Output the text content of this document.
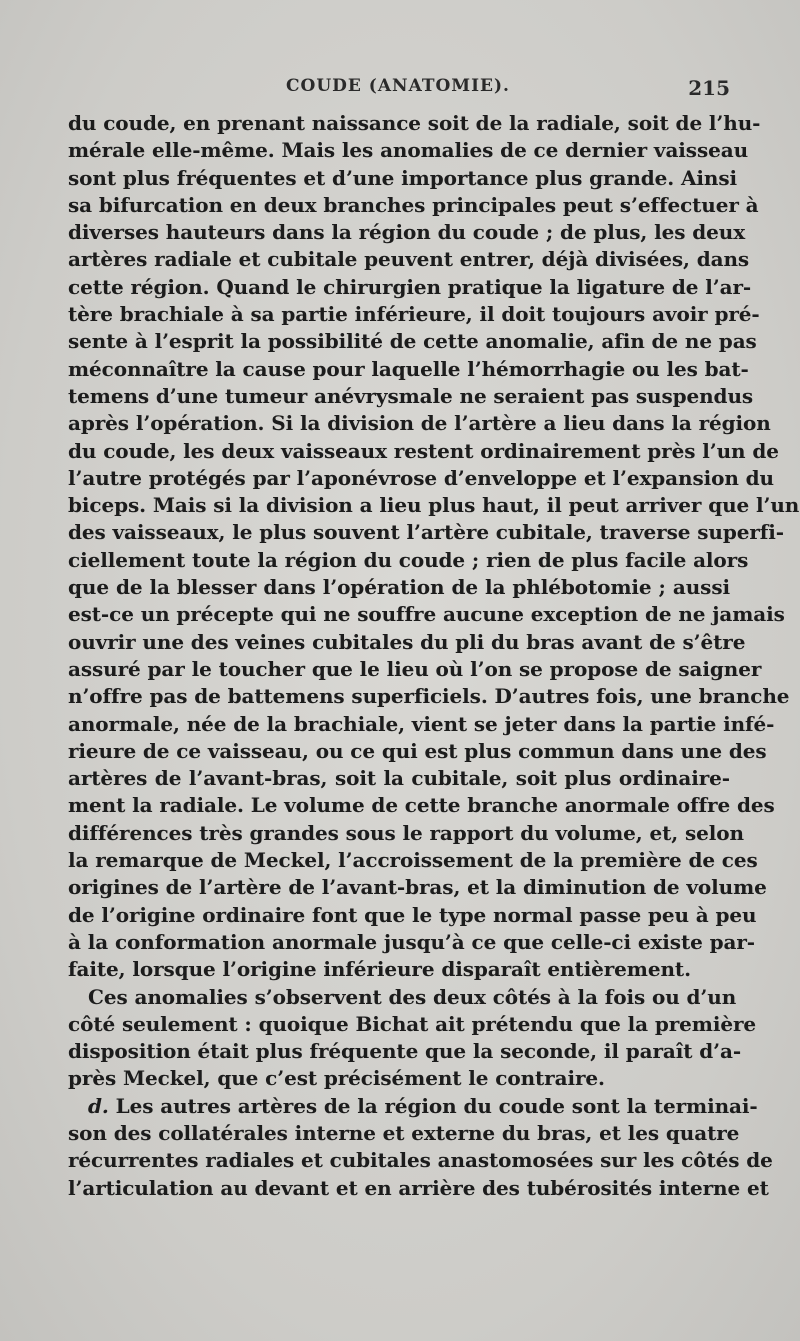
COUDE (ANATOMIE).	215
du coude, en prenant naissance soit de la radiale, soit de l’hu-
mérale elle-même. Mais les anomalies de ce dernier vaisseau
sont plus fréquentes et d’une importance plus grande. Ainsi
sa bifurcation en deux branches principales peut s’effectuer à
diverses hauteurs dans la région du coude ; de plus, les deux
artères radiale et cubitale peuvent entrer, déjà divisées, dans
cette région. Quand le chirurgien pratique la ligature de l’ar-
tère brachiale à sa partie inférieure, il doit toujours avoir pré-
sente à l’esprit la possibilité de cette anomalie, afin de ne pas
méconnaître la cause pour laquelle l’hémorrhagie ou les bat-
temens d’une tumeur anévrysmale ne seraient pas suspendus
après l’opération. Si la division de l’artère a lieu dans la région
du coude, les deux vaisseaux restent ordinairement près l’un de
l’autre protégés par l’aponévrose d’enveloppe et l’expansion du
biceps. Mais si la division a lieu plus haut, il peut arriver que l’un
des vaisseaux, le plus souvent l’artère cubitale, traverse superfi-
ciellement toute la région du coude ; rien de plus facile alors
que de la blesser dans l’opération de la phlébotomie ; aussi
est-ce un précepte qui ne souffre aucune exception de ne jamais
ouvrir une des veines cubitales du pli du bras avant de s’être
assuré par le toucher que le lieu où l’on se propose de saigner
n’offre pas de battemens superficiels. D’autres fois, une branche
anormale, née de la brachiale, vient se jeter dans la partie infé-
rieure de ce vaisseau, ou ce qui est plus commun dans une des
artères de l’avant-bras, soit la cubitale, soit plus ordinaire-
ment la radiale. Le volume de cette branche anormale offre des
différences très grandes sous le rapport du volume, et, selon
la remarque de Meckel, l’accroissement de la première de ces
origines de l’artère de l’avant-bras, et la diminution de volume
de l’origine ordinaire font que le type normal passe peu à peu
à la conformation anormale jusqu’à ce que celle-ci existe par-
faite, lorsque l’origine inférieure disparaît entièrement.
Ces anomalies s’observent des deux côtés à la fois ou d’un
côté seulement : quoique Bichat ait prétendu que la première
disposition était plus fréquente que la seconde, il paraît d’a-
près Meckel, que c’est précisément le contraire.
d. Les autres artères de la région du coude sont la terminai-
son des collatérales interne et externe du bras, et les quatre
récurrentes radiales et cubitales anastomosées sur les côtés de
l’articulation au devant et en arrière des tubérosités interne et
